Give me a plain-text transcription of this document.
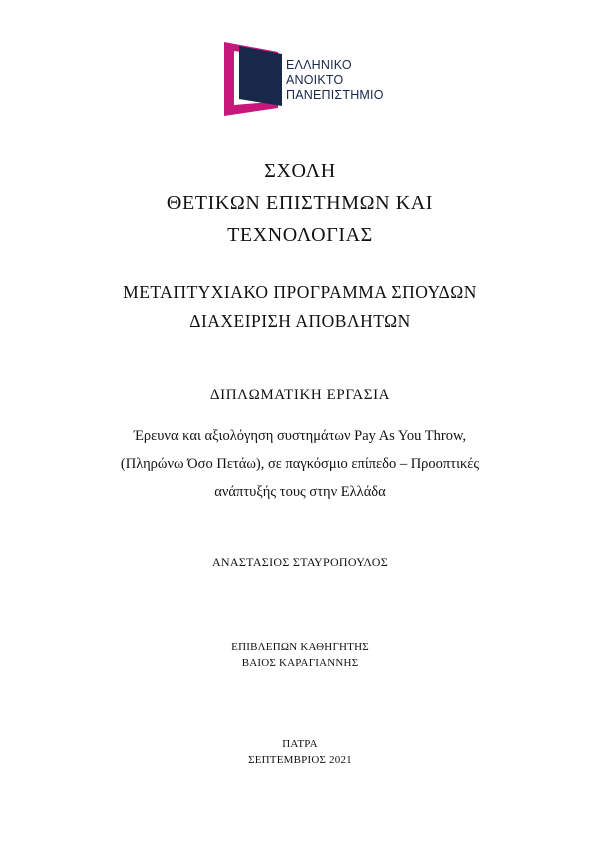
ΕΛΛΗΝΙΚΟ
ΑΝΟΙΚΤΟ
ΠΑΝΕΠΙΣΤΗΜΙΟ
ΣΧΟΛΗ
ΘΕΤΙΚΩΝ ΕΠΙΣΤΗΜΩΝ ΚΑΙ
ΤΕΧΝΟΛΟΓΙΑΣ
ΜΕΤΑΠΤΥΧΙΑΚΟ ΠΡΟΓΡΑΜΜΑ ΣΠΟΥΔΩΝ
ΔΙΑΧΕΙΡΙΣΗ ΑΠΟΒΛΗΤΩΝ
ΔΙΠΛΩΜΑΤΙΚΗ ΕΡΓΑΣΙΑ
Έρευνα και αξιολόγηση συστημάτων Pay As You Throw,
(Πληρώνω Όσο Πετάω), σε παγκόσμιο επίπεδο – Προοπτικές
ανάπτυξής τους στην Ελλάδα
ΑΝΑΣΤΑΣΙΟΣ ΣΤΑΥΡΟΠΟΥΛΟΣ
ΕΠΙΒΛΕΠΩΝ ΚΑΘΗΓΗΤΗΣ
ΒΑΙΟΣ ΚΑΡΑΓΙΑΝΝΗΣ
ΠΑΤΡΑ
ΣΕΠΤΕΜΒΡΙΟΣ 2021
